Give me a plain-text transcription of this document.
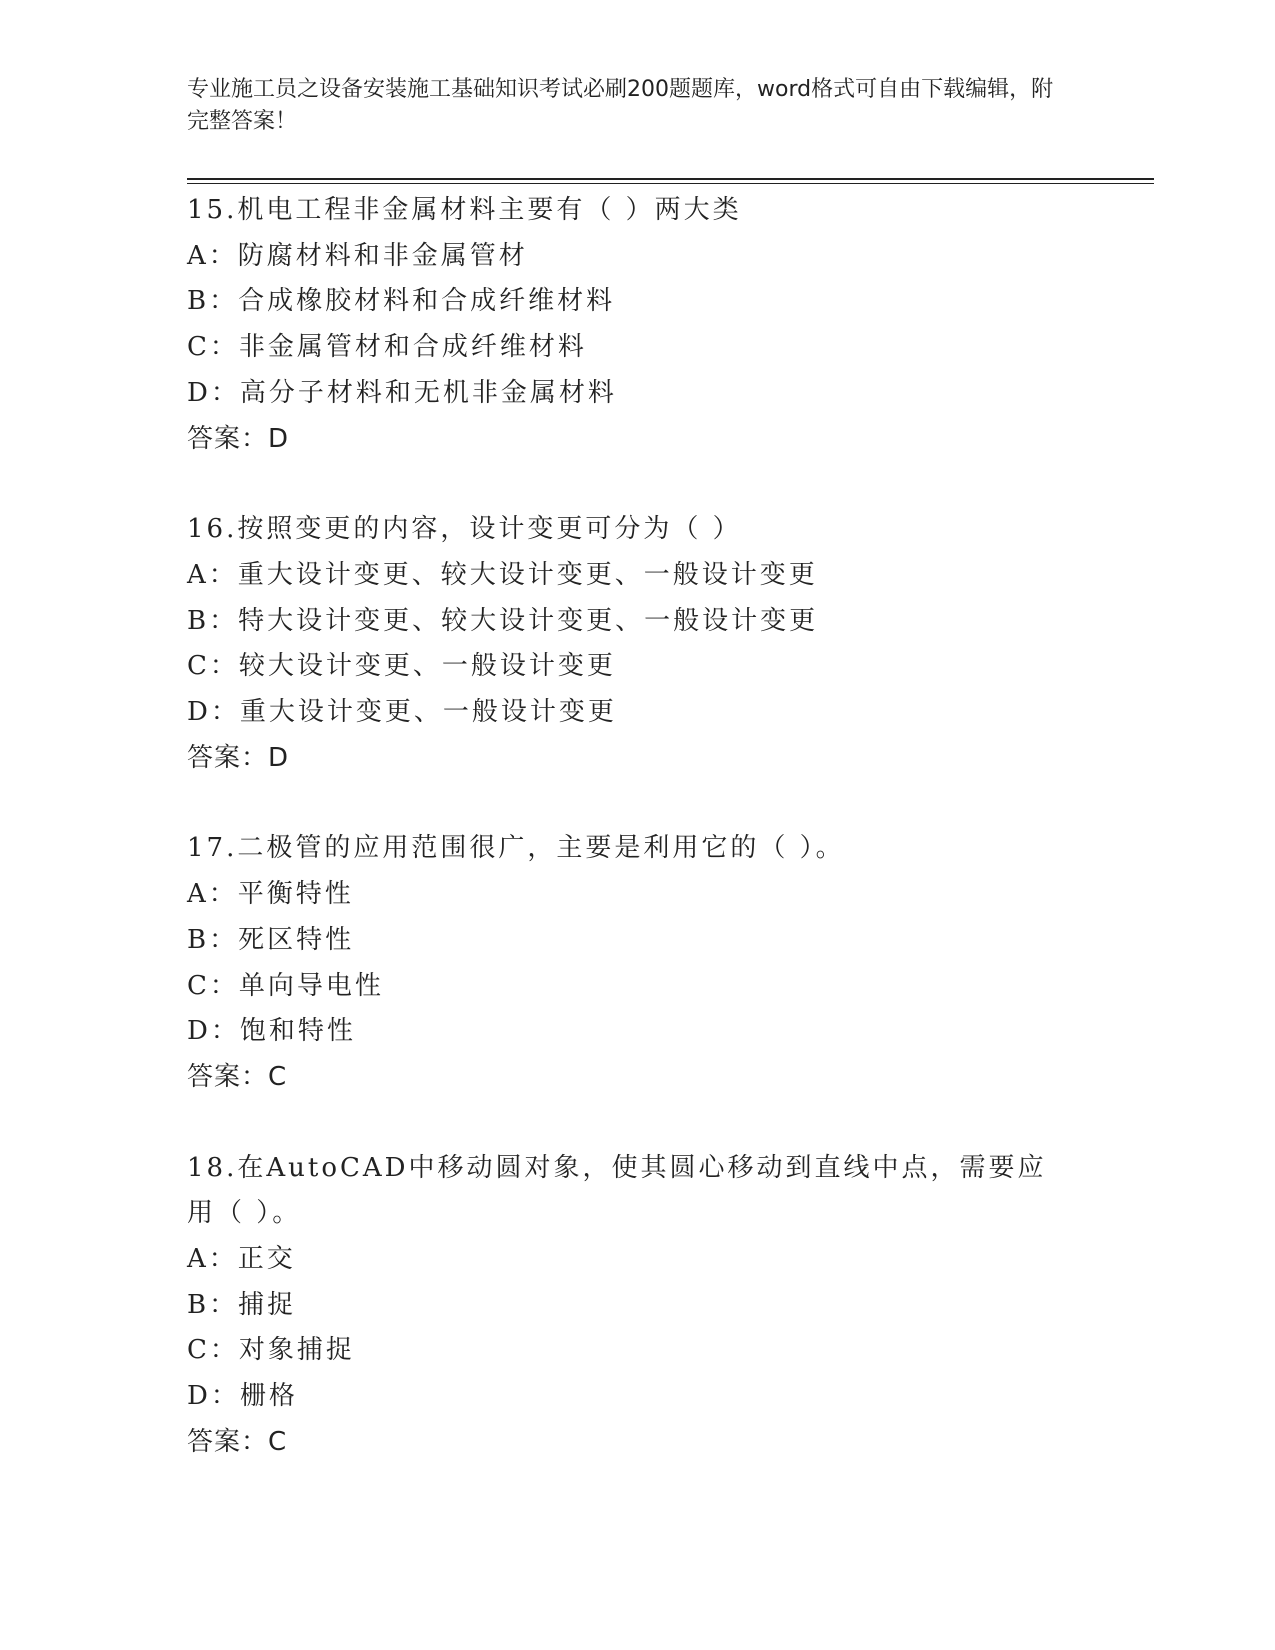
专业施工员之设备安装施工基础知识考试必刷200题题库，word格式可自由下载编辑，附完整答案！
15.机电工程非金属材料主要有（ ）两大类
A：防腐材料和非金属管材
B：合成橡胶材料和合成纤维材料
C：非金属管材和合成纤维材料
D：高分子材料和无机非金属材料
答案：D
16.按照变更的内容，设计变更可分为（ ）
A：重大设计变更、较大设计变更、一般设计变更
B：特大设计变更、较大设计变更、一般设计变更
C：较大设计变更、一般设计变更
D：重大设计变更、一般设计变更
答案：D
17.二极管的应用范围很广，主要是利用它的（ ）。
A：平衡特性
B：死区特性
C：单向导电性
D：饱和特性
答案：C
18.在AutoCAD中移动圆对象，使其圆心移动到直线中点，需要应用（ ）。
A：正交
B：捕捉
C：对象捕捉
D：栅格
答案：C
